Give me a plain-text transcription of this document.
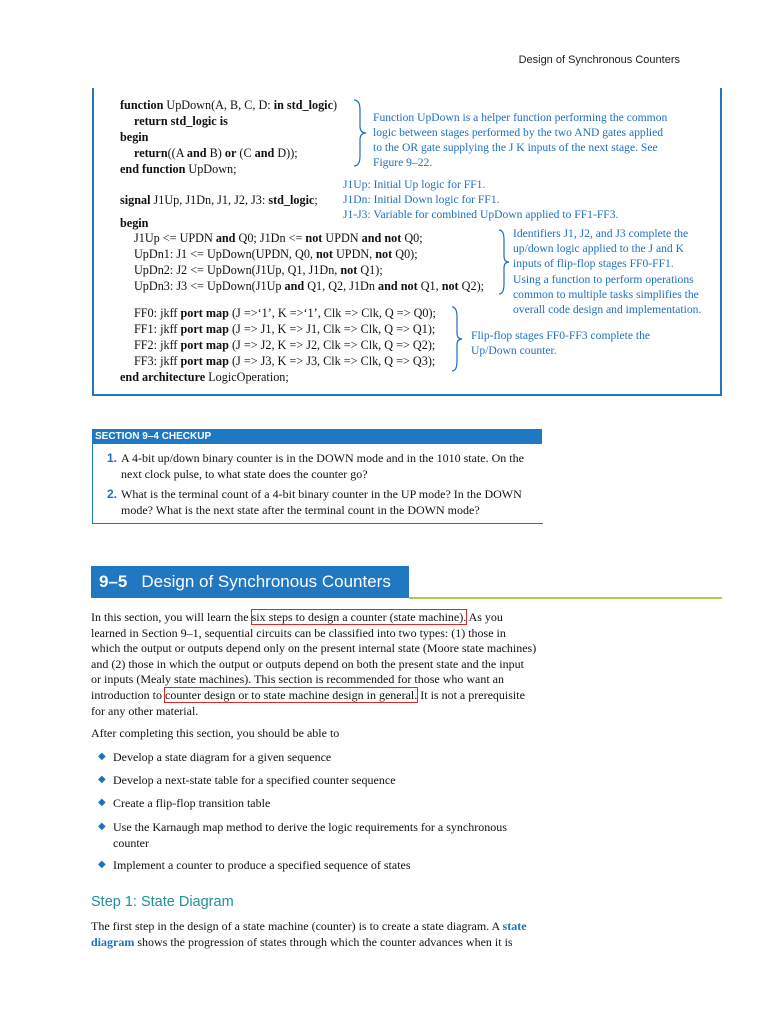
Design of Synchronous Counters
function UpDown(A, B, C, D: in std_logic)
return std_logic is
begin
return((A and B) or (C and D));
end function UpDown;
signal J1Up, J1Dn, J1, J2, J3: std_logic;
begin
J1Up <= UPDN and Q0; J1Dn <= not UPDN and not Q0;
UpDn1: J1 <= UpDown(UPDN, Q0, not UPDN, not Q0);
UpDn2: J2 <= UpDown(J1Up, Q1, J1Dn, not Q1);
UpDn3: J3 <= UpDown(J1Up and Q1, Q2, J1Dn and not Q1, not Q2);
FF0: jkff port map (J =>‘1’, K =>‘1’, Clk => Clk, Q => Q0);
FF1: jkff port map (J => J1, K => J1, Clk => Clk, Q => Q1);
FF2: jkff port map (J => J2, K => J2, Clk => Clk, Q => Q2);
FF3: jkff port map (J => J3, K => J3, Clk => Clk, Q => Q3);
end architecture LogicOperation;
Function UpDown is a helper function performing the common
logic between stages performed by the two AND gates applied
to the OR gate supplying the J K inputs of the next stage. See
Figure 9–22.
J1Up: Initial Up logic for FF1.
J1Dn: Initial Down logic for FF1.
J1-J3: Variable for combined UpDown applied to FF1-FF3.
Identifiers J1, J2, and J3 complete the
up/down logic applied to the J and K
inputs of flip-flop stages FF0-FF1.
Using a function to perform operations
common to multiple tasks simplifies the
overall code design and implementation.
Flip-flop stages FF0-FF3 complete the
Up/Down counter.
SECTION 9–4 CHECKUP
1. A 4-bit up/down binary counter is in the DOWN mode and in the 1010 state. On the
next clock pulse, to what state does the counter go?
2. What is the terminal count of a 4-bit binary counter in the UP mode? In the DOWN
mode? What is the next state after the terminal count in the DOWN mode?
9–5 Design of Synchronous Counters
In this section, you will learn the six steps to design a counter (state machine). As you
learned in Section 9–1, sequential circuits can be classified into two types: (1) those in
which the output or outputs depend only on the present internal state (Moore state machines)
and (2) those in which the output or outputs depend on both the present state and the input
or inputs (Mealy state machines). This section is recommended for those who want an
introduction to counter design or to state machine design in general. It is not a prerequisite
for any other material.
After completing this section, you should be able to
◆ Develop a state diagram for a given sequence
◆ Develop a next-state table for a specified counter sequence
◆ Create a flip-flop transition table
◆ Use the Karnaugh map method to derive the logic requirements for a synchronous
counter
◆ Implement a counter to produce a specified sequence of states
Step 1: State Diagram
The first step in the design of a state machine (counter) is to create a state diagram. A state
diagram shows the progression of states through which the counter advances when it is
